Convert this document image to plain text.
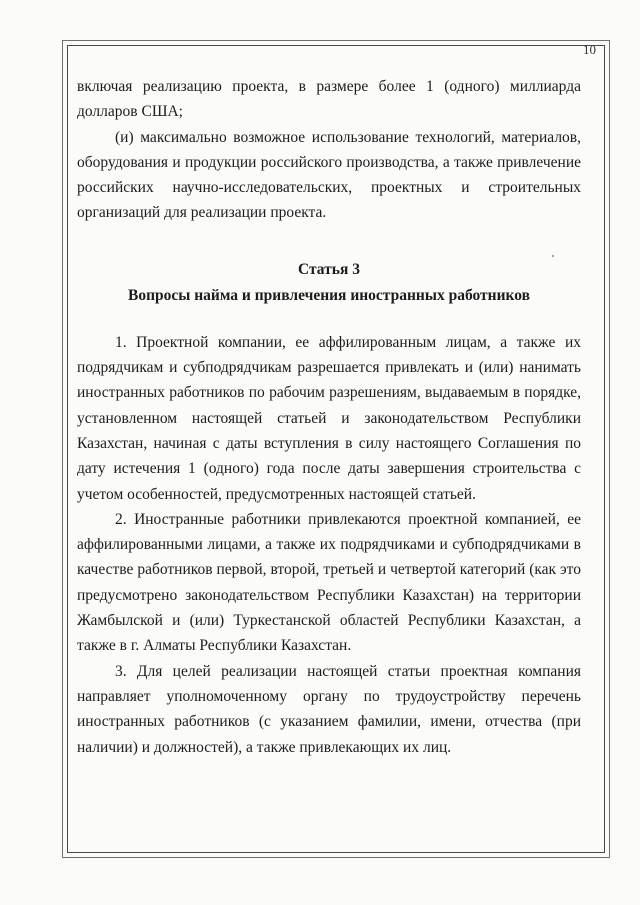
10

включая реализацию проекта, в размере более 1 (одного) миллиарда долларов США;

(и) максимально возможное использование технологий, материалов, оборудования и продукции российского производства, а также привлечение российских научно-исследовательских, проектных и строительных организаций для реализации проекта.

Статья 3

Вопросы найма и привлечения иностранных работников

1. Проектной компании, ее аффилированным лицам, а также их подрядчикам и субподрядчикам разрешается привлекать и (или) нанимать иностранных работников по рабочим разрешениям, выдаваемым в порядке, установленном настоящей статьей и законодательством Республики Казахстан, начиная с даты вступления в силу настоящего Соглашения по дату истечения 1 (одного) года после даты завершения строительства с учетом особенностей, предусмотренных настоящей статьей.

2. Иностранные работники привлекаются проектной компанией, ее аффилированными лицами, а также их подрядчиками и субподрядчиками в качестве работников первой, второй, третьей и четвертой категорий (как это предусмотрено законодательством Республики Казахстан) на территории Жамбылской и (или) Туркестанской областей Республики Казахстан, а также в г. Алматы Республики Казахстан.

3. Для целей реализации настоящей статьи проектная компания направляет уполномоченному органу по трудоустройству перечень иностранных работников (с указанием фамилии, имени, отчества (при наличии) и должностей), а также привлекающих их лиц.
